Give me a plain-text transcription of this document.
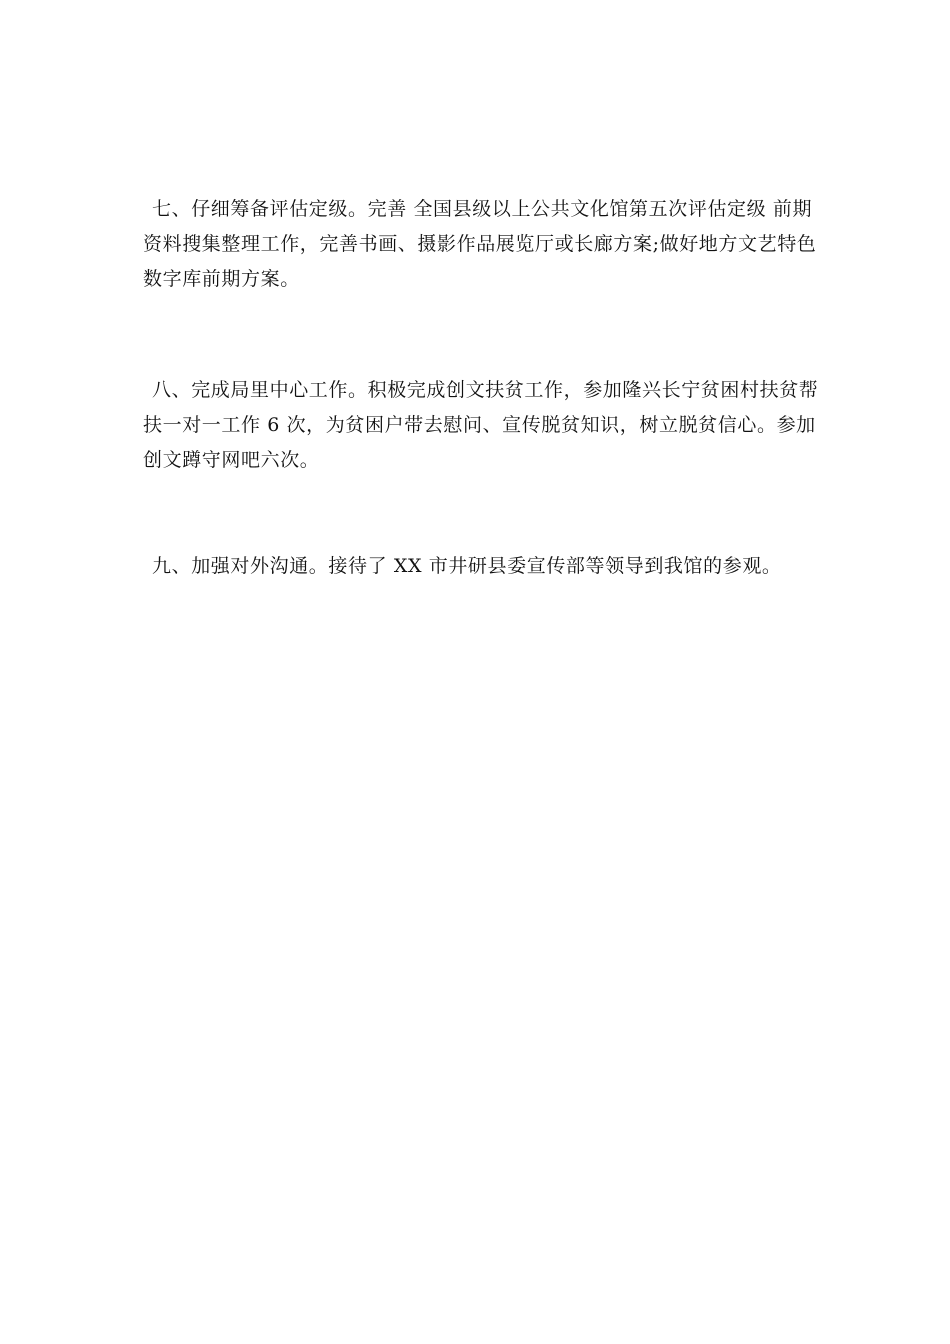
七、仔细筹备评估定级。完善 全国县级以上公共文化馆第五次评估定级 前期
资料搜集整理工作，完善书画、摄影作品展览厅或长廊方案;做好地方文艺特色
数字库前期方案。
八、完成局里中心工作。积极完成创文扶贫工作，参加隆兴长宁贫困村扶贫帮
扶一对一工作 6 次，为贫困户带去慰问、宣传脱贫知识，树立脱贫信心。参加
创文蹲守网吧六次。
九、加强对外沟通。接待了 XX 市井研县委宣传部等领导到我馆的参观。
